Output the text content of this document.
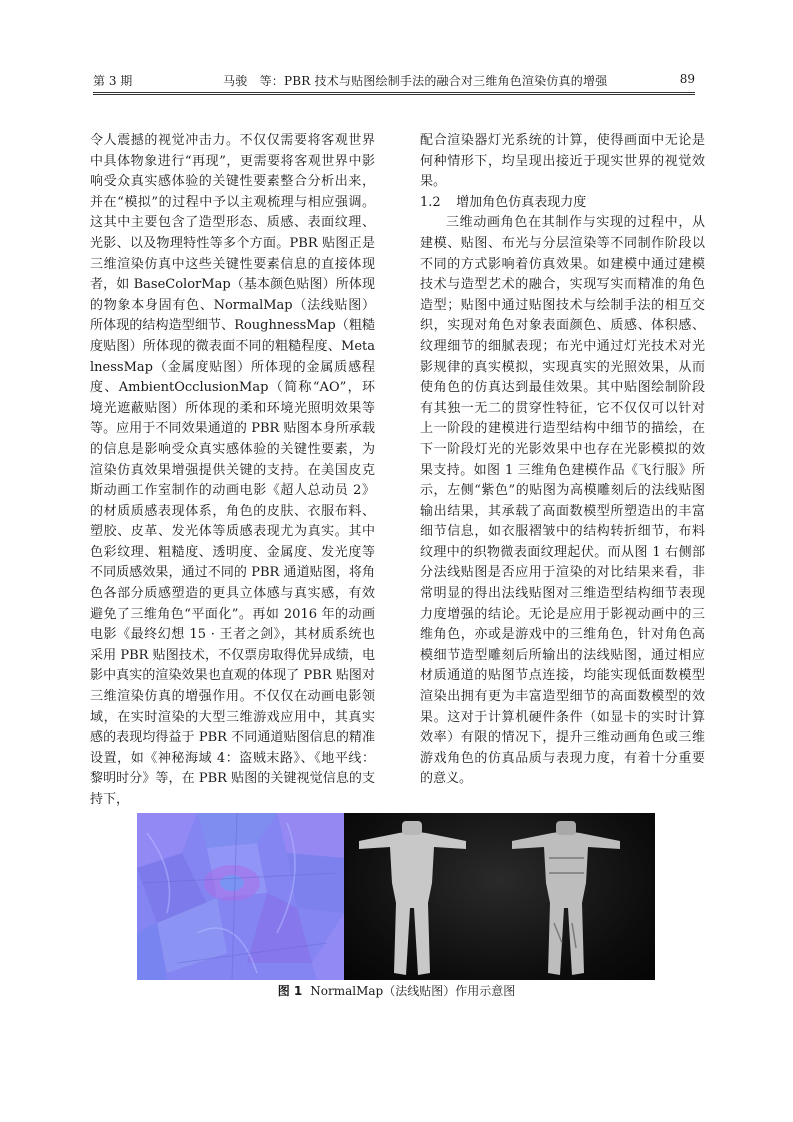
第 3 期	马骏　等：PBR 技术与贴图绘制手法的融合对三维角色渲染仿真的增强	89

令人震撼的视觉冲击力。不仅仅需要将客观世界中具体物象进行“再现”，更需要将客观世界中影响受众真实感体验的关键性要素整合分析出来，并在“模拟”的过程中予以主观梳理与相应强调。这其中主要包含了造型形态、质感、表面纹理、光影、以及物理特性等多个方面。PBR 贴图正是三维渲染仿真中这些关键性要素信息的直接体现者，如 BaseColorMap（基本颜色贴图）所体现的物象本身固有色、NormalMap（法线贴图）所体现的结构造型细节、RoughnessMap（粗糙度贴图）所体现的微表面不同的粗糙程度、MetalnessMap（金属度贴图）所体现的金属质感程度、AmbientOcclusionMap（简称“AO”，环境光遮蔽贴图）所体现的柔和环境光照明效果等等。应用于不同效果通道的 PBR 贴图本身所承载的信息是影响受众真实感体验的关键性要素，为渲染仿真效果增强提供关键的支持。在美国皮克斯动画工作室制作的动画电影《超人总动员 2》的材质质感表现体系，角色的皮肤、衣服布料、塑胶、皮革、发光体等质感表现尤为真实。其中色彩纹理、粗糙度、透明度、金属度、发光度等不同质感效果，通过不同的 PBR 通道贴图，将角色各部分质感塑造的更具立体感与真实感，有效避免了三维角色“平面化”。再如 2016 年的动画电影《最终幻想 15 · 王者之剑》，其材质系统也采用 PBR 贴图技术，不仅票房取得优异成绩，电影中真实的渲染效果也直观的体现了 PBR 贴图对三维渲染仿真的增强作用。不仅仅在动画电影领域，在实时渲染的大型三维游戏应用中，其真实感的表现均得益于 PBR 不同通道贴图信息的精准设置，如《神秘海域 4：盗贼末路》、《地平线：黎明时分》等，在 PBR 贴图的关键视觉信息的支持下，

配合渲染器灯光系统的计算，使得画面中无论是何种情形下，均呈现出接近于现实世界的视觉效果。

1.2 增加角色仿真表现力度

三维动画角色在其制作与实现的过程中，从建模、贴图、布光与分层渲染等不同制作阶段以不同的方式影响着仿真效果。如建模中通过建模技术与造型艺术的融合，实现写实而精准的角色造型；贴图中通过贴图技术与绘制手法的相互交织，实现对角色对象表面颜色、质感、体积感、纹理细节的细腻表现；布光中通过灯光技术对光影规律的真实模拟，实现真实的光照效果，从而使角色的仿真达到最佳效果。其中贴图绘制阶段有其独一无二的贯穿性特征，它不仅仅可以针对上一阶段的建模进行造型结构中细节的描绘，在下一阶段灯光的光影效果中也存在光影模拟的效果支持。如图 1 三维角色建模作品《飞行服》所示，左侧“紫色”的贴图为高模雕刻后的法线贴图输出结果，其承载了高面数模型所塑造出的丰富细节信息，如衣服褶皱中的结构转折细节，布料纹理中的织物微表面纹理起伏。而从图 1 右侧部分法线贴图是否应用于渲染的对比结果来看，非常明显的得出法线贴图对三维造型结构细节表现力度增强的结论。无论是应用于影视动画中的三维角色，亦或是游戏中的三维角色，针对角色高模细节造型雕刻后所输出的法线贴图，通过相应材质通道的贴图节点连接，均能实现低面数模型 渲染出拥有更为丰富造型细节的高面数模型的效果。这对于计算机硬件条件（如显卡的实时计算效率）有限的情况下，提升三维动画角色或三维游戏角色的仿真品质与表现力度，有着十分重要的意义。

图 1 NormalMap（法线贴图）作用示意图
